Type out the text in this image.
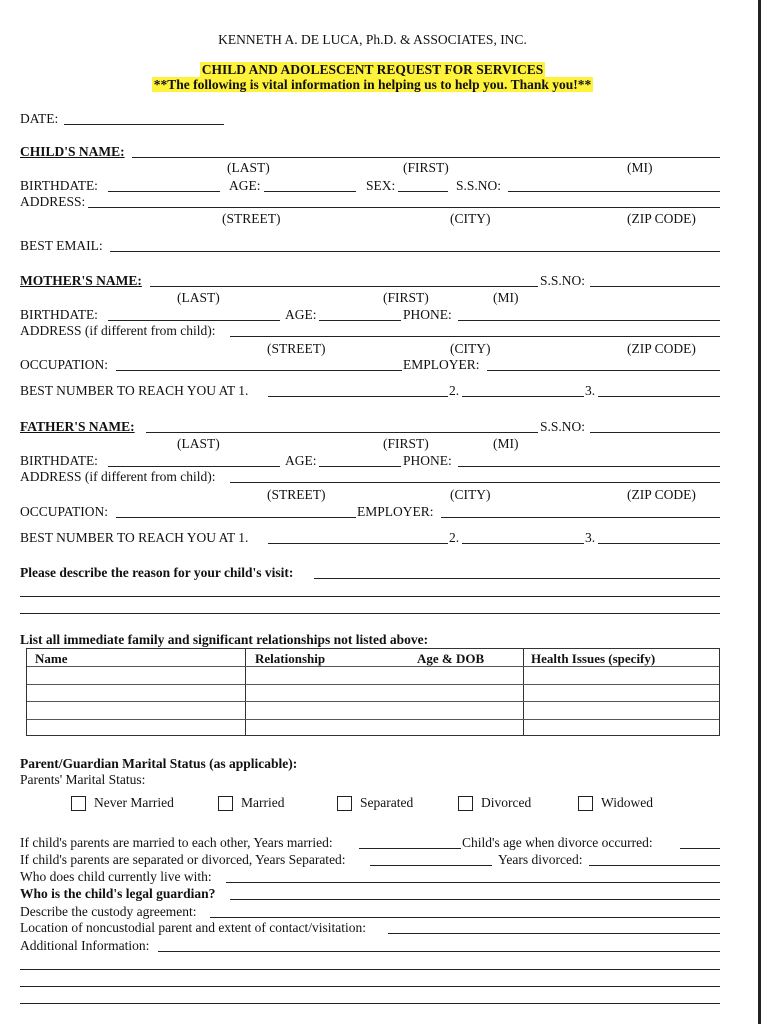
KENNETH A. DE LUCA, Ph.D. & ASSOCIATES, INC.
CHILD AND ADOLESCENT REQUEST FOR SERVICES
**The following is vital information in helping us to help you. Thank you!**
DATE:
CHILD'S NAME:
(LAST)	(FIRST)	(MI)
BIRTHDATE:	AGE:	SEX:	S.S.NO:
ADDRESS:
(STREET)	(CITY)	(ZIP CODE)
BEST EMAIL:
MOTHER'S NAME:	S.S.NO:
(LAST)	(FIRST)	(MI)
BIRTHDATE:	AGE:	PHONE:
ADDRESS (if different from child):
(STREET)	(CITY)	(ZIP CODE)
OCCUPATION:	EMPLOYER:
BEST NUMBER TO REACH YOU AT 1.	2.	3.
FATHER'S NAME:	S.S.NO:
(LAST)	(FIRST)	(MI)
BIRTHDATE:	AGE:	PHONE:
ADDRESS (if different from child):
(STREET)	(CITY)	(ZIP CODE)
OCCUPATION:	EMPLOYER:
BEST NUMBER TO REACH YOU AT 1.	2.	3.
Please describe the reason for your child's visit:
List all immediate family and significant relationships not listed above:
Name	Relationship	Age & DOB	Health Issues (specify)
Parent/Guardian Marital Status (as applicable):
Parents' Marital Status:
Never Married	Married	Separated	Divorced	Widowed
If child's parents are married to each other, Years married:	Child's age when divorce occurred:
If child's parents are separated or divorced, Years Separated:	Years divorced:
Who does child currently live with:
Who is the child's legal guardian?
Describe the custody agreement:
Location of noncustodial parent and extent of contact/visitation:
Additional Information:
